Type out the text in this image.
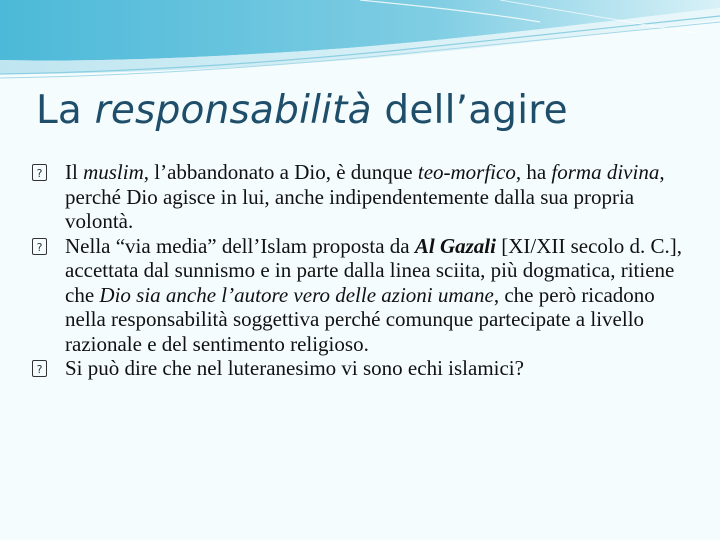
La responsabilità dell’agire
? Il muslim, l’abbandonato a Dio, è dunque teo-morfico, ha forma divina, perché Dio agisce in lui, anche indipendentemente dalla sua propria volontà.
? Nella “via media” dell’Islam proposta da Al Gazali [XI/XII secolo d. C.], accettata dal sunnismo e in parte dalla linea sciita, più dogmatica, ritiene che Dio sia anche l’autore vero delle azioni umane, che però ricadono nella responsabilità soggettiva perché comunque partecipate a livello razionale e del sentimento religioso.
? Si può dire che nel luteranesimo vi sono echi islamici?
